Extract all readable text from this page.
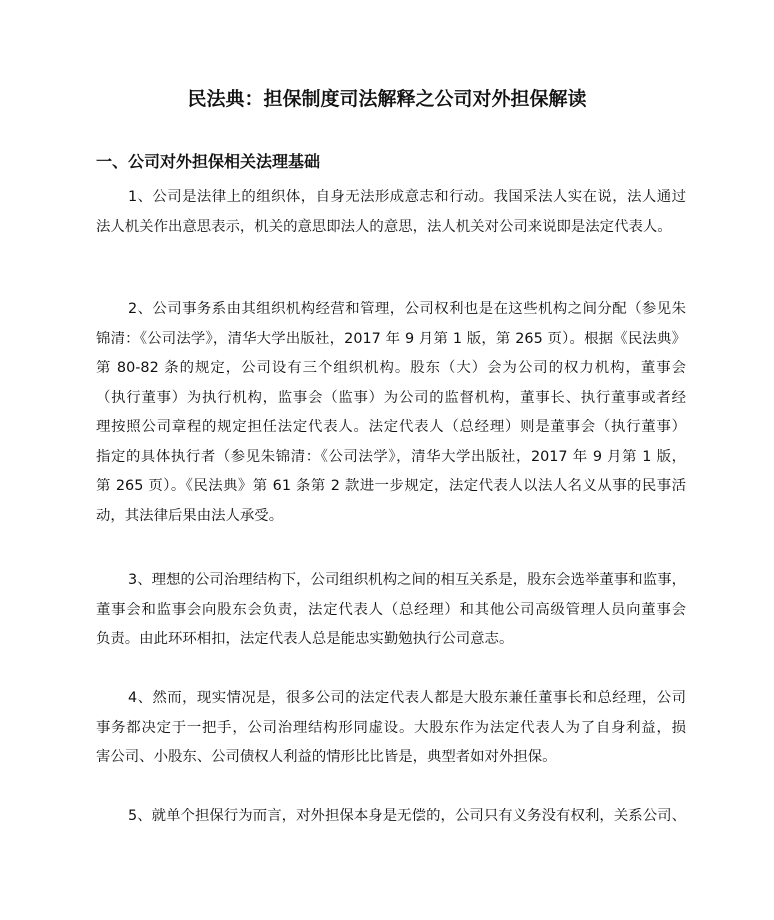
民法典：担保制度司法解释之公司对外担保解读
一、公司对外担保相关法理基础
1、公司是法律上的组织体，自身无法形成意志和行动。我国采法人实在说，法人通过
法人机关作出意思表示，机关的意思即法人的意思，法人机关对公司来说即是法定代表人。
2、公司事务系由其组织机构经营和管理，公司权利也是在这些机构之间分配（参见朱
锦清：《公司法学》，清华大学出版社，2017 年 9 月第 1 版，第 265 页）。根据《民法典》
第 80-82 条的规定，公司设有三个组织机构。股东（大）会为公司的权力机构，董事会
（执行董事）为执行机构，监事会（监事）为公司的监督机构，董事长、执行董事或者经
理按照公司章程的规定担任法定代表人。法定代表人（总经理）则是董事会（执行董事）
指定的具体执行者（参见朱锦清：《公司法学》，清华大学出版社，2017 年 9 月第 1 版，
第 265 页）。《民法典》第 61 条第 2 款进一步规定，法定代表人以法人名义从事的民事活
动，其法律后果由法人承受。
3、理想的公司治理结构下，公司组织机构之间的相互关系是，股东会选举董事和监事，
董事会和监事会向股东会负责，法定代表人（总经理）和其他公司高级管理人员向董事会
负责。由此环环相扣，法定代表人总是能忠实勤勉执行公司意志。
4、然而，现实情况是，很多公司的法定代表人都是大股东兼任董事长和总经理，公司
事务都决定于一把手，公司治理结构形同虚设。大股东作为法定代表人为了自身利益，损
害公司、小股东、公司债权人利益的情形比比皆是，典型者如对外担保。
5、就单个担保行为而言，对外担保本身是无偿的，公司只有义务没有权利，关系公司、
